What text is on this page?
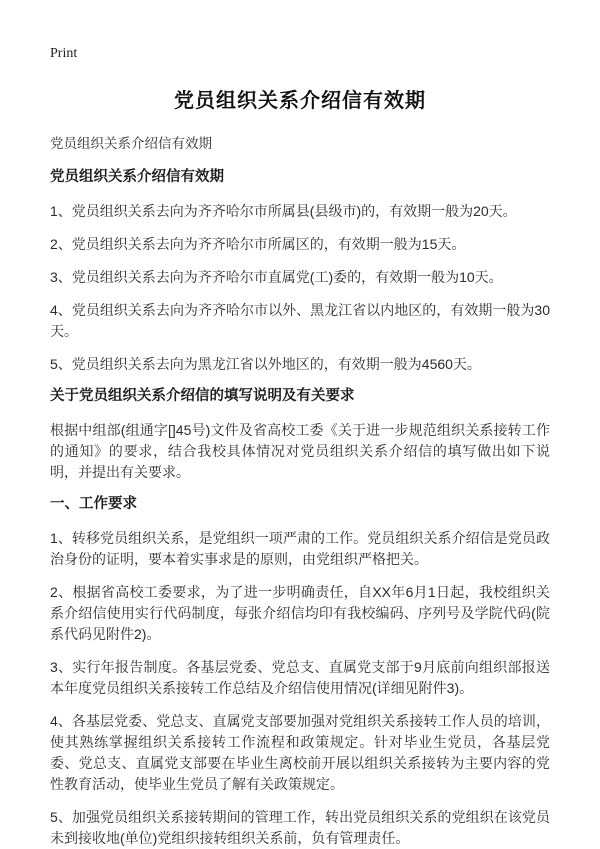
Print
党员组织关系介绍信有效期

党员组织关系介绍信有效期

党员组织关系介绍信有效期

1、党员组织关系去向为齐齐哈尔市所属县(县级市)的，有效期一般为20天。

2、党员组织关系去向为齐齐哈尔市所属区的，有效期一般为15天。

3、党员组织关系去向为齐齐哈尔市直属党(工)委的，有效期一般为10天。

4、党员组织关系去向为齐齐哈尔市以外、黑龙江省以内地区的，有效期一般为30天。

5、党员组织关系去向为黑龙江省以外地区的，有效期一般为4560天。

关于党员组织关系介绍信的填写说明及有关要求

根据中组部(组通字[]45号)文件及省高校工委《关于进一步规范组织关系接转工作的通知》的要求，结合我校具体情况对党员组织关系介绍信的填写做出如下说明，并提出有关要求。

一、工作要求

1、转移党员组织关系，是党组织一项严肃的工作。党员组织关系介绍信是党员政治身份的证明，要本着实事求是的原则，由党组织严格把关。

2、根据省高校工委要求，为了进一步明确责任，自XX年6月1日起，我校组织关系介绍信使用实行代码制度，每张介绍信均印有我校编码、序列号及学院代码(院系代码见附件2)。

3、实行年报告制度。各基层党委、党总支、直属党支部于9月底前向组织部报送本年度党员组织关系接转工作总结及介绍信使用情况(详细见附件3)。

4、各基层党委、党总支、直属党支部要加强对党组织关系接转工作人员的培训，使其熟练掌握组织关系接转工作流程和政策规定。针对毕业生党员，各基层党委、党总支、直属党支部要在毕业生离校前开展以组织关系接转为主要内容的党性教育活动，使毕业生党员了解有关政策规定。

5、加强党员组织关系接转期间的管理工作，转出党员组织关系的党组织在该党员未到接收地(单位)党组织接转组织关系前，负有管理责任。
